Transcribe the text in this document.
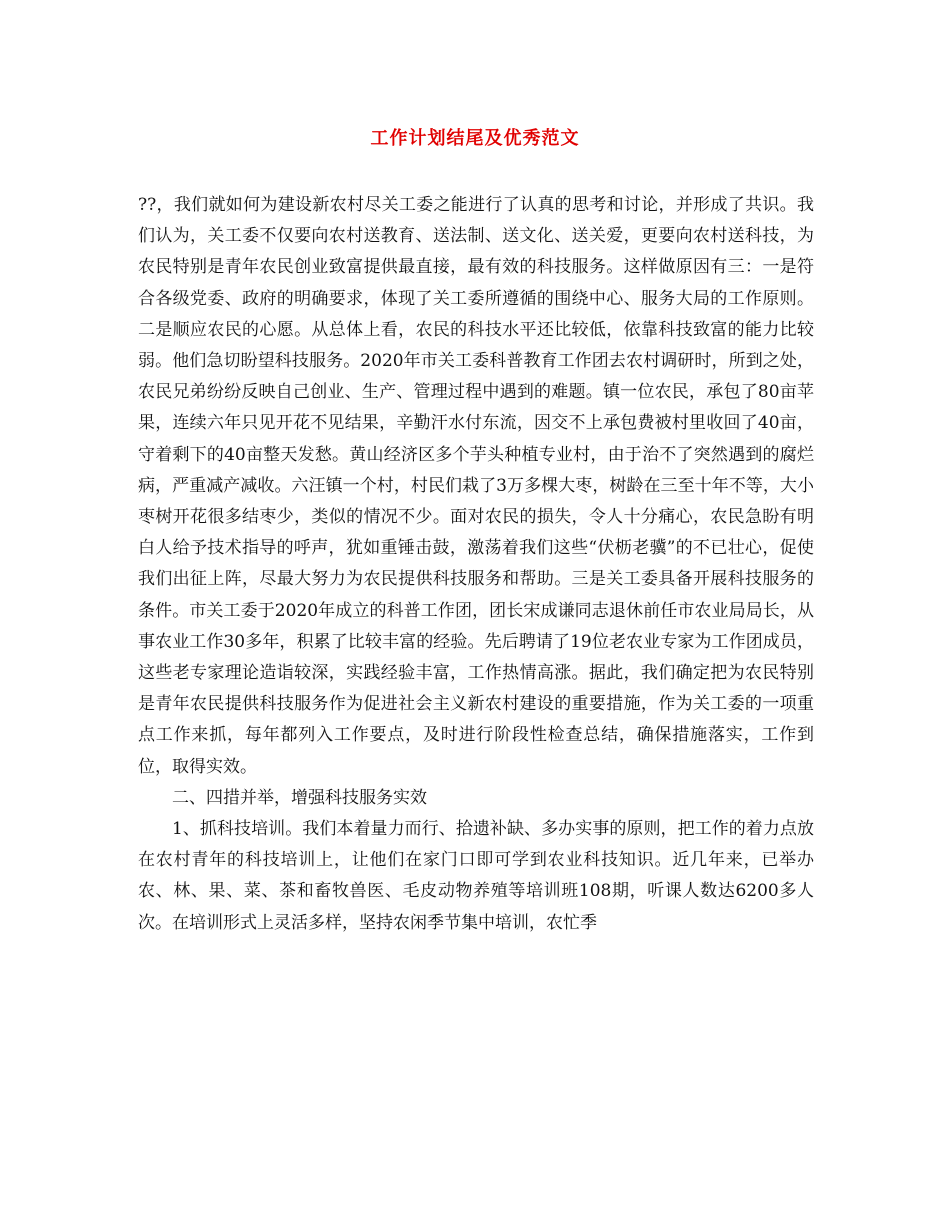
工作计划结尾及优秀范文

??，我们就如何为建设新农村尽关工委之能进行了认真的思考和讨论，并形成了共识。我们认为，关工委不仅要向农村送教育、送法制、送文化、送关爱，更要向农村送科技，为农民特别是青年农民创业致富提供最直接，最有效的科技服务。这样做原因有三：一是符合各级党委、政府的明确要求，体现了关工委所遵循的围绕中心、服务大局的工作原则。二是顺应农民的心愿。从总体上看，农民的科技水平还比较低，依靠科技致富的能力比较弱。他们急切盼望科技服务。2020年市关工委科普教育工作团去农村调研时，所到之处，农民兄弟纷纷反映自己创业、生产、管理过程中遇到的难题。镇一位农民，承包了80亩苹果，连续六年只见开花不见结果，辛勤汗水付东流，因交不上承包费被村里收回了40亩，守着剩下的40亩整天发愁。黄山经济区多个芋头种植专业村，由于治不了突然遇到的腐烂病，严重减产减收。六汪镇一个村，村民们栽了3万多棵大枣，树龄在三至十年不等，大小枣树开花很多结枣少，类似的情况不少。面对农民的损失，令人十分痛心，农民急盼有明白人给予技术指导的呼声，犹如重锤击鼓，激荡着我们这些“伏枥老骥”的不已壮心，促使我们出征上阵，尽最大努力为农民提供科技服务和帮助。三是关工委具备开展科技服务的条件。市关工委于2020年成立的科普工作团，团长宋成谦同志退休前任市农业局局长，从事农业工作30多年，积累了比较丰富的经验。先后聘请了19位老农业专家为工作团成员，这些老专家理论造诣较深，实践经验丰富，工作热情高涨。据此，我们确定把为农民特别是青年农民提供科技服务作为促进社会主义新农村建设的重要措施，作为关工委的一项重点工作来抓，每年都列入工作要点，及时进行阶段性检查总结，确保措施落实，工作到位，取得实效。

二、四措并举，增强科技服务实效

1、抓科技培训。我们本着量力而行、拾遗补缺、多办实事的原则，把工作的着力点放在农村青年的科技培训上，让他们在家门口即可学到农业科技知识。近几年来，已举办农、林、果、菜、茶和畜牧兽医、毛皮动物养殖等培训班108期，听课人数达6200多人次。在培训形式上灵活多样，坚持农闲季节集中培训，农忙季
